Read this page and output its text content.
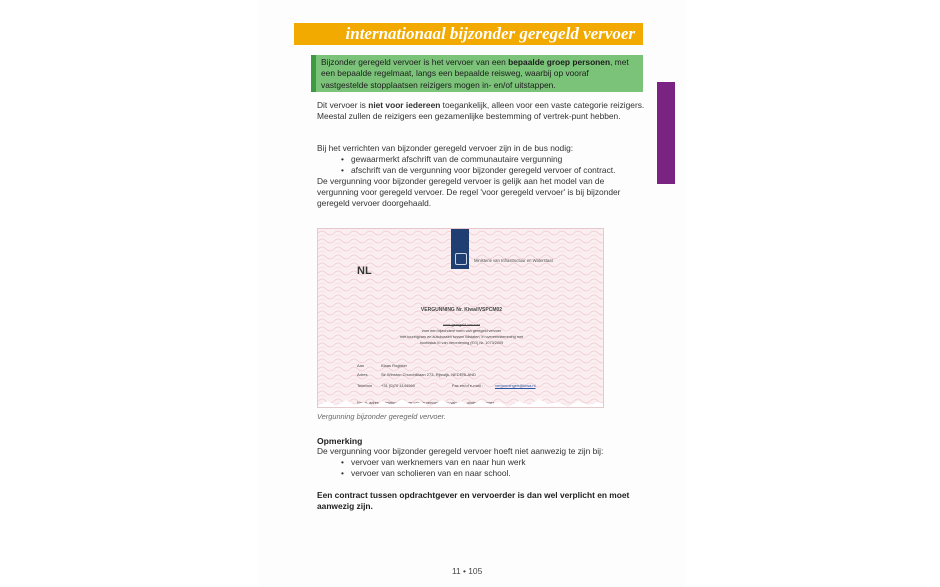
internationaal bijzonder geregeld vervoer
Bijzonder geregeld vervoer is het vervoer van een bepaalde groep personen, met een bepaalde regelmaat, langs een bepaalde reisweg, waarbij op vooraf vastgestelde stopplaatsen reizigers mogen in- en/of uitstappen.
Dit vervoer is niet voor iedereen toegankelijk, alleen voor een vaste categorie reizigers. Meestal zullen de reizigers een gezamenlijke bestemming of vertrek-punt hebben.
Bij het verrichten van bijzonder geregeld vervoer zijn in de bus nodig:
• gewaarmerkt afschrift van de communautaire vergunning
• afschrift van de vergunning voor bijzonder geregeld vervoer of contract.
De vergunning voor bijzonder geregeld vervoer is gelijk aan het model van de vergunning voor geregeld vervoer. De regel 'voor geregeld vervoer' is bij bijzonder geregeld vervoer doorgehaald.
Ministerie van Infrastructuur en Waterstaat
NL
VERGUNNING Nr. Kiwa/IVSPCM02
voor geregeld vervoer
voor een bijzondere vorm van geregeld vervoer
met touringcars en autobussen tussen lidstaten, in overeenstemming met
hoofdstuk III van Verordening (EG) Nr. 1073/2009
Aan	Klaas Rogister
Adres	Sir Winston Churchilllaan 273, Rijswijk, NEDERLAND
Telefoon +31 (0)70 4144960	Fax en/of e-mail :	vergunningen@kiwa.nl
Naam, adres en telefoonnummer van de vervoerder en van de ... onderaannemer
Vergunning bijzonder geregeld vervoer.
Opmerking
De vergunning voor bijzonder geregeld vervoer hoeft niet aanwezig te zijn bij:
• vervoer van werknemers van en naar hun werk
• vervoer van scholieren van en naar school.
Een contract tussen opdrachtgever en vervoerder is dan wel verplicht en moet aanwezig zijn.
11 • 105
